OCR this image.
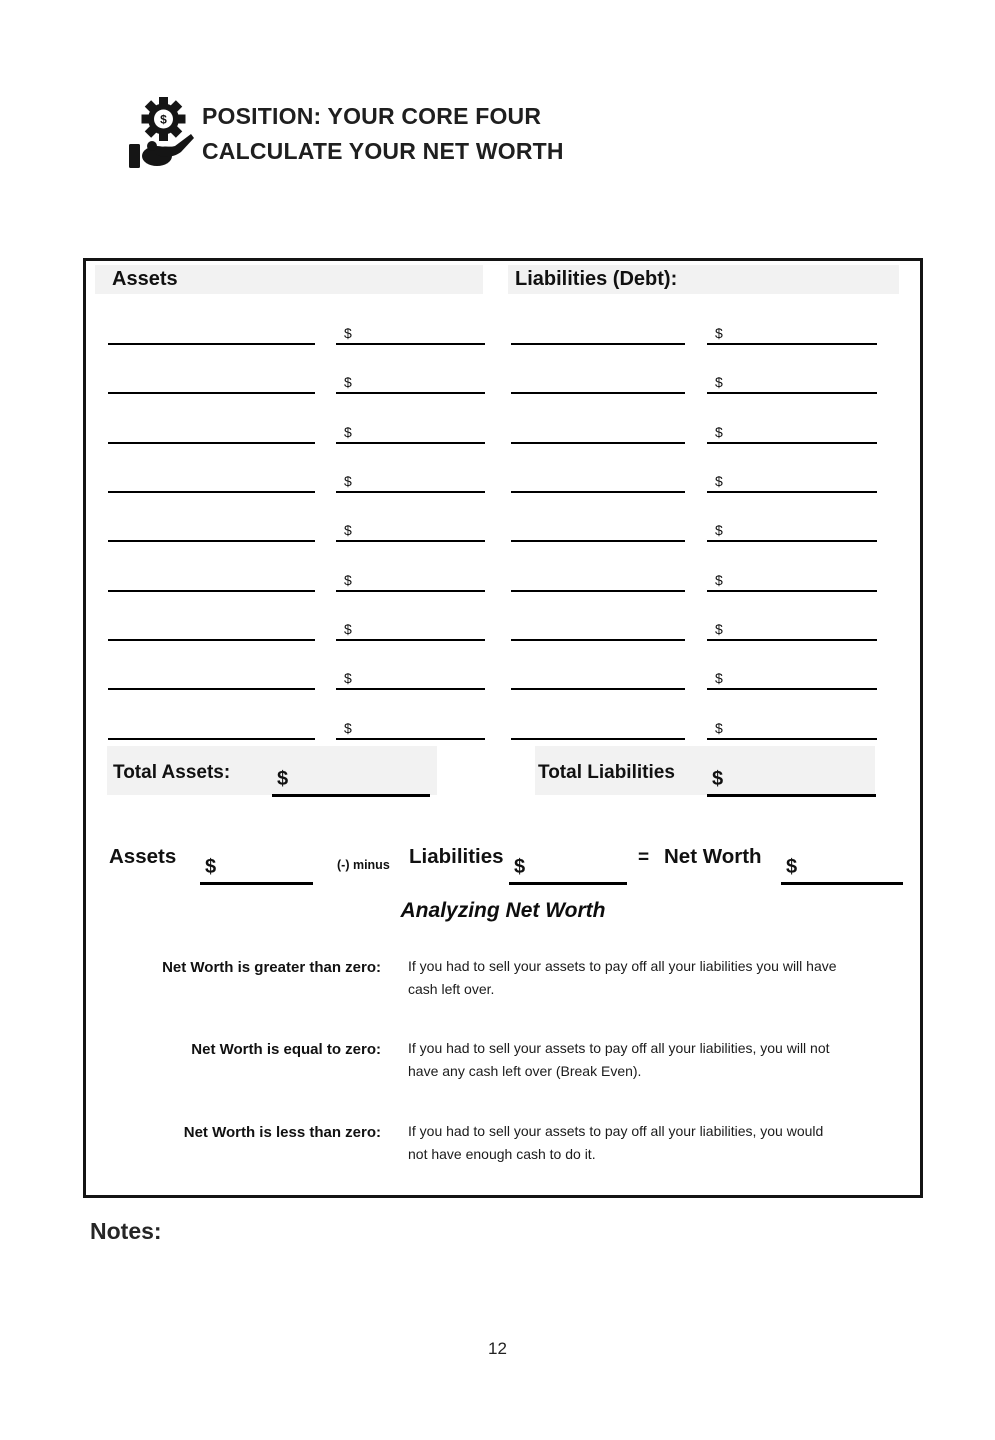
$ POSITION: YOUR CORE FOUR
CALCULATE YOUR NET WORTH
Assets	Liabilities (Debt):
$	$
$	$
$	$
$	$
$	$
$	$
$	$
$	$
$	$
Total Assets: $	Total Liabilities $
Assets $	(-) minus Liabilities $	= Net Worth $
Analyzing Net Worth
Net Worth is greater than zero: If you had to sell your assets to pay off all your liabilities you will have
cash left over.
Net Worth is equal to zero: If you had to sell your assets to pay off all your liabilities, you will not
have any cash left over (Break Even).
Net Worth is less than zero: If you had to sell your assets to pay off all your liabilities, you would
not have enough cash to do it.
Notes:
12
